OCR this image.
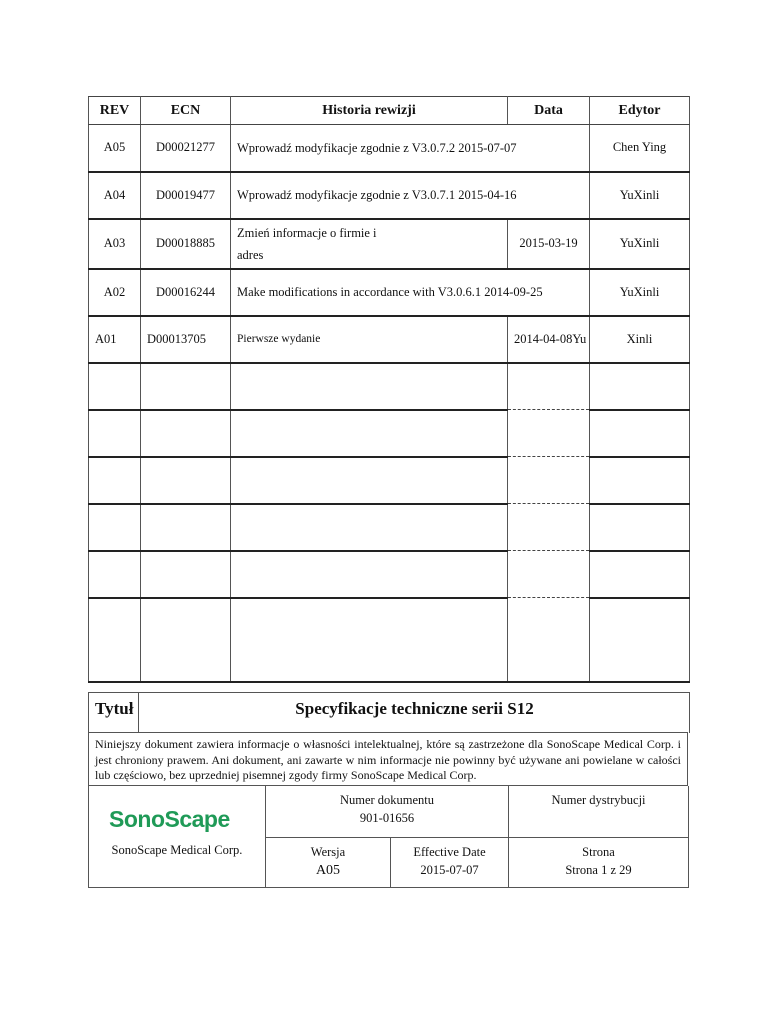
REV	ECN	Historia rewizji	Data	Edytor
A05	D00021277	Wprowadź modyfikacje zgodnie z V3.0.7.2 2015-07-07		Chen Ying
A04	D00019477	Wprowadź modyfikacje zgodnie z V3.0.7.1 2015-04-16		YuXinli
A03	D00018885	Zmień informacje o firmie i
adres	2015-03-19	YuXinli
A02	D00016244	Make modifications in accordance with V3.0.6.1 2014-09-25		YuXinli
A01	D00013705	Pierwsze wydanie	2014-04-08Yu	Xinli

Tytuł	Specyfikacje techniczne serii S12
Niniejszy dokument zawiera informacje o własności intelektualnej, które są zastrzeżone dla SonoScape Medical Corp. i jest chroniony prawem. Ani dokument, ani zawarte w nim informacje nie powinny być używane ani powielane w całości lub częściowo, bez uprzedniej pisemnej zgody firmy SonoScape Medical Corp.
SonoScape
SonoScape Medical Corp.
Numer dokumentu
901-01656
Numer dystrybucji
Wersja
A05
Effective Date
2015-07-07
Strona
Strona 1 z 29
